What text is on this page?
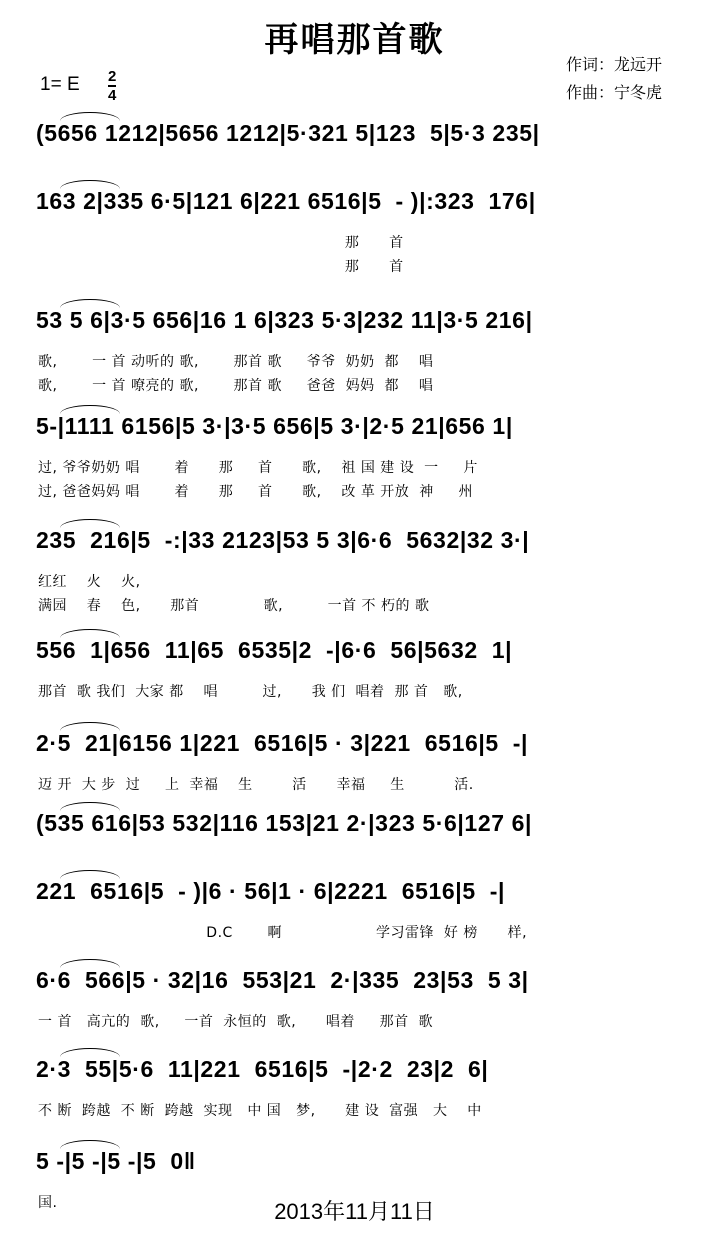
再唱那首歌
作词：龙远开
作曲：宁冬虎
1= E $\frac{2}{4}$
(5656 1212|5656 1212|5·321 5|123  5|5·3 235|
163 2|335 6·5|121 6|221 6516|5  - )|:323  176|
那      首
那      首
53 5 6|3·5 656|16 1 6|323 5·3|232 11|3·5 216|
歌,       一 首 动听的 歌,       那首 歌     爷爷  奶奶  都    唱
歌,       一 首 嘹亮的 歌,       那首 歌     爸爸  妈妈  都    唱
5-|1111 6156|5 3·|3·5 656|5 3·|2·5 21|656 1|
过, 爷爷奶奶 唱       着      那     首      歌,    祖 国 建 设  一     片
过, 爸爸妈妈 唱       着      那     首      歌,    改 革 开放  神     州
235  216|5  -:|33 2123|53 5 3|6·6  5632|32 3·|
红红    火    火,
满园    春    色,      那首             歌,         一首 不 朽的 歌
556  1|656  11|65  6535|2  -|6·6  56|5632  1|
那首  歌 我们  大家 都    唱         过,      我 们  唱着  那 首   歌,
2·5  21|6156 1|221  6516|5 · 3|221  6516|5  -|
迈 开  大 步  过     上  幸福    生        活      幸福     生          活.
(535 616|53 532|116 153|21 2·|323 5·6|127 6|
221  6516|5  - )|6 · 56|1 · 6|2221  6516|5  -|
D.C       啊                   学习雷锋  好 榜      样,
6·6  566|5 · 32|16  553|21  2·|335  23|53  5 3|
一 首   高亢的  歌,     一首  永恒的  歌,      唱着     那首  歌
2·3  55|5·6  11|221  6516|5  -|2·2  23|2  6|
不 断  跨越  不 断  跨越  实现   中 国   梦,      建 设  富强   大    中
5 -|5 -|5 -|5  0‖
国.	2013年11月11日
